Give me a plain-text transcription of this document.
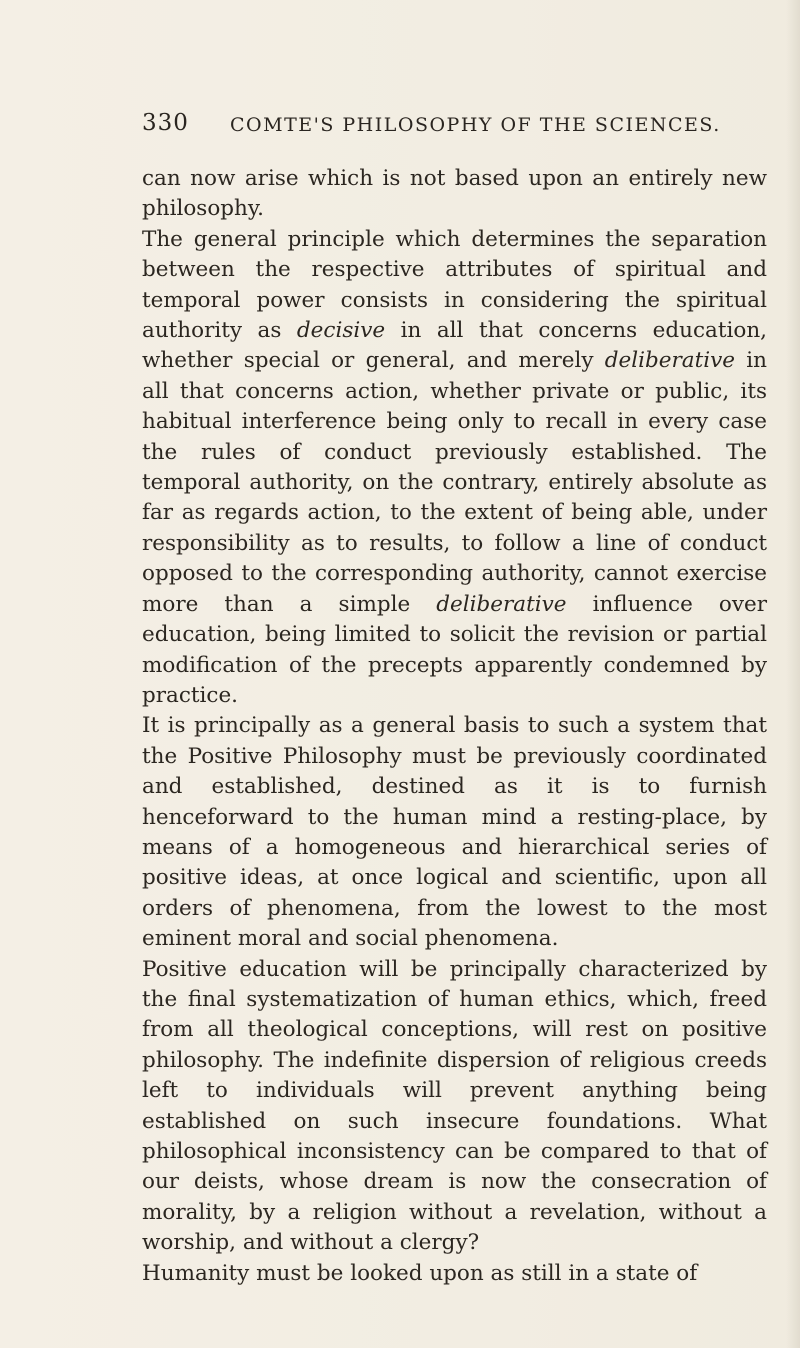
330 COMTE'S PHILOSOPHY OF THE SCIENCES.

can now arise which is not based upon an entirely new philosophy.

The general principle which determines the separation between the respective attributes of spiritual and temporal power consists in considering the spiritual authority as decisive in all that concerns education, whether special or general, and merely deliberative in all that concerns action, whether private or public, its habitual interference being only to recall in every case the rules of conduct previously established. The temporal authority, on the contrary, entirely absolute as far as regards action, to the extent of being able, under responsibility as to results, to follow a line of conduct opposed to the corresponding authority, cannot exercise more than a simple deliberative influence over education, being limited to solicit the revision or partial modification of the precepts apparently condemned by practice.

It is principally as a general basis to such a system that the Positive Philosophy must be previously coordinated and established, destined as it is to furnish henceforward to the human mind a resting-place, by means of a homogeneous and hierarchical series of positive ideas, at once logical and scientific, upon all orders of phenomena, from the lowest to the most eminent moral and social phenomena.

Positive education will be principally characterized by the final systematization of human ethics, which, freed from all theological conceptions, will rest on positive philosophy. The indefinite dispersion of religious creeds left to individuals will prevent anything being established on such insecure foundations. What philosophical inconsistency can be compared to that of our deists, whose dream is now the consecration of morality, by a religion without a revelation, without a worship, and without a clergy?

Humanity must be looked upon as still in a state of
